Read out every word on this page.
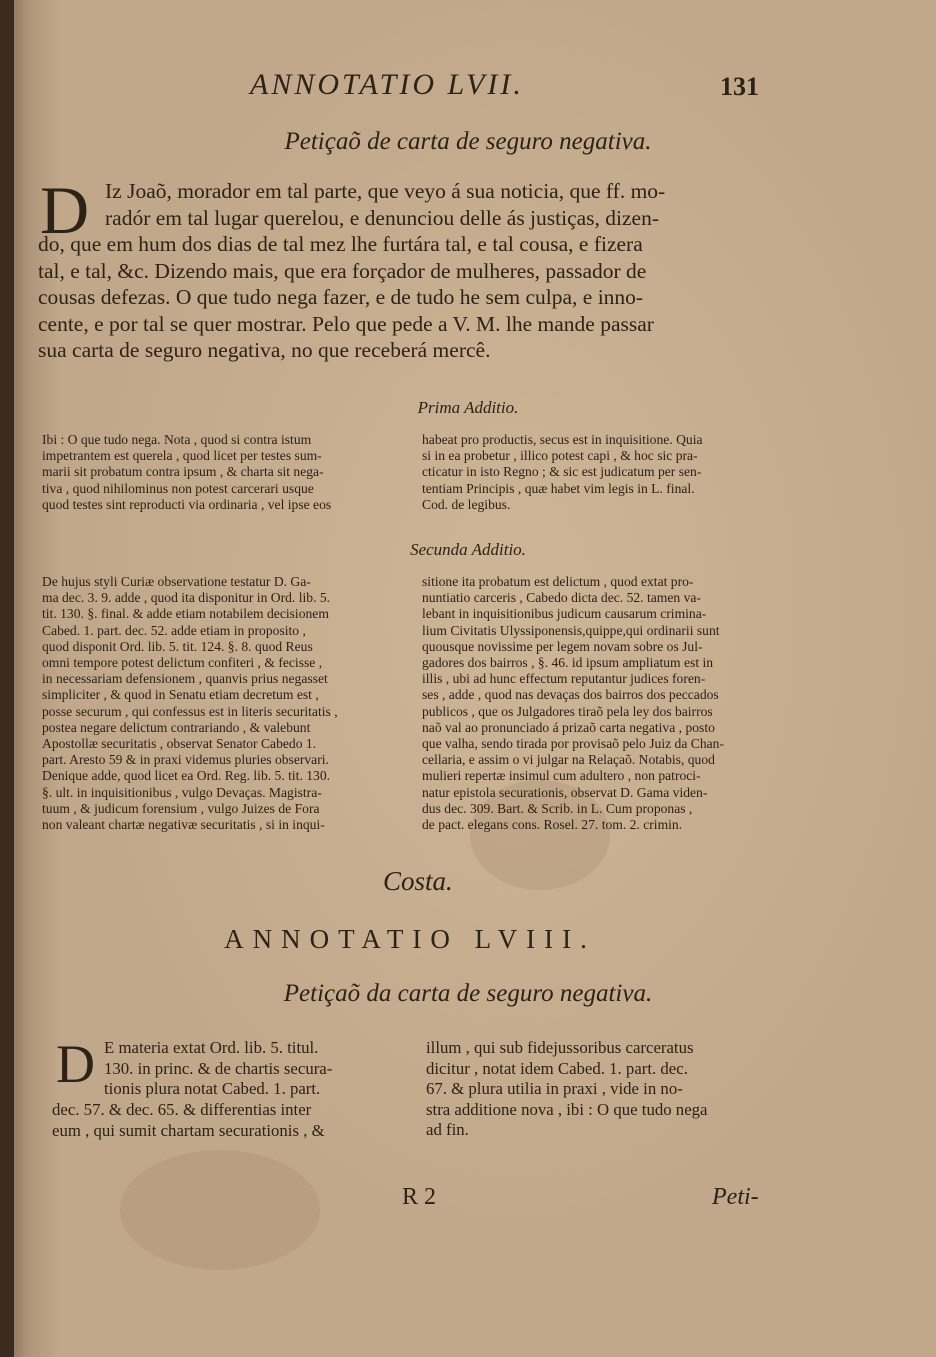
ANNOTATIO LVII.	131
Petiçaõ de carta de seguro negativa.
D Iz Joaõ, morador em tal parte, que veyo á sua noticia, que ff. mo-
radór em tal lugar querelou, e denunciou delle ás justiças, dizen-
do, que em hum dos dias de tal mez lhe furtára tal, e tal cousa, e fizera
tal, e tal, &c. Dizendo mais, que era forçador de mulheres, passador de
cousas defezas. O que tudo nega fazer, e de tudo he sem culpa, e inno-
cente, e por tal se quer mostrar. Pelo que pede a V. M. lhe mande passar
sua carta de seguro negativa, no que receberá mercê.
Prima Additio.
Ibi : O que tudo nega. Nota , quod si contra istum
impetrantem est querela , quod licet per testes sum-
marii sit probatum contra ipsum , & charta sit nega-
tiva , quod nihilominus non potest carcerari usque
quod testes sint reproducti via ordinaria , vel ipse eos
habeat pro productis, secus est in inquisitione. Quia
si in ea probetur , illico potest capi , & hoc sic pra-
cticatur in isto Regno ; & sic est judicatum per sen-
tentiam Principis , quæ habet vim legis in L. final.
Cod. de legibus.
Secunda Additio.
De hujus styli Curiæ observatione testatur D. Ga-
ma dec. 3. 9. adde , quod ita disponitur in Ord. lib. 5.
tit. 130. §. final. & adde etiam notabilem decisionem
Cabed. 1. part. dec. 52. adde etiam in proposito ,
quod disponit Ord. lib. 5. tit. 124. §. 8. quod Reus
omni tempore potest delictum confiteri , & fecisse ,
in necessariam defensionem , quanvis prius negasset
simpliciter , & quod in Senatu etiam decretum est ,
posse securum , qui confessus est in literis securitatis ,
postea negare delictum contrariando , & valebunt
Apostollæ securitatis , observat Senator Cabedo 1.
part. Aresto 59 & in praxi videmus pluries observari.
Denique adde, quod licet ea Ord. Reg. lib. 5. tit. 130.
§. ult. in inquisitionibus , vulgo Devaças. Magistra-
tuum , & judicum forensium , vulgo Juizes de Fora
non valeant chartæ negativæ securitatis , si in inqui-
sitione ita probatum est delictum , quod extat pro-
nuntiatio carceris , Cabedo dicta dec. 52. tamen va-
lebant in inquisitionibus judicum causarum crimina-
lium Civitatis Ulyssiponensis,quippe,qui ordinarii sunt
quousque novissime per legem novam sobre os Jul-
gadores dos bairros , §. 46. id ipsum ampliatum est in
illis , ubi ad hunc effectum reputantur judices foren-
ses , adde , quod nas devaças dos bairros dos peccados
publicos , que os Julgadores tiraõ pela ley dos bairros
naõ val ao pronunciado á prizaõ carta negativa , posto
que valha, sendo tirada por provisaõ pelo Juiz da Chan-
cellaria, e assim o vi julgar na Relaçaõ. Notabis, quod
mulieri repertæ insimul cum adultero , non patroci-
natur epistola securationis, observat D. Gama viden-
dus dec. 309. Bart. & Scrib. in L. Cum proponas ,
de pact. elegans cons. Rosel. 27. tom. 2. crimin.
Costa.
ANNOTATIO LVIII.
Petiçaõ da carta de seguro negativa.
D E materia extat Ord. lib. 5. titul.
130. in princ. & de chartis secura-
tionis plura notat Cabed. 1. part.
dec. 57. & dec. 65. & differentias inter
eum , qui sumit chartam securationis , &
illum , qui sub fidejussoribus carceratus
dicitur , notat idem Cabed. 1. part. dec.
67. & plura utilia in praxi , vide in no-
stra additione nova , ibi : O que tudo nega
ad fin.
R 2	Peti-
